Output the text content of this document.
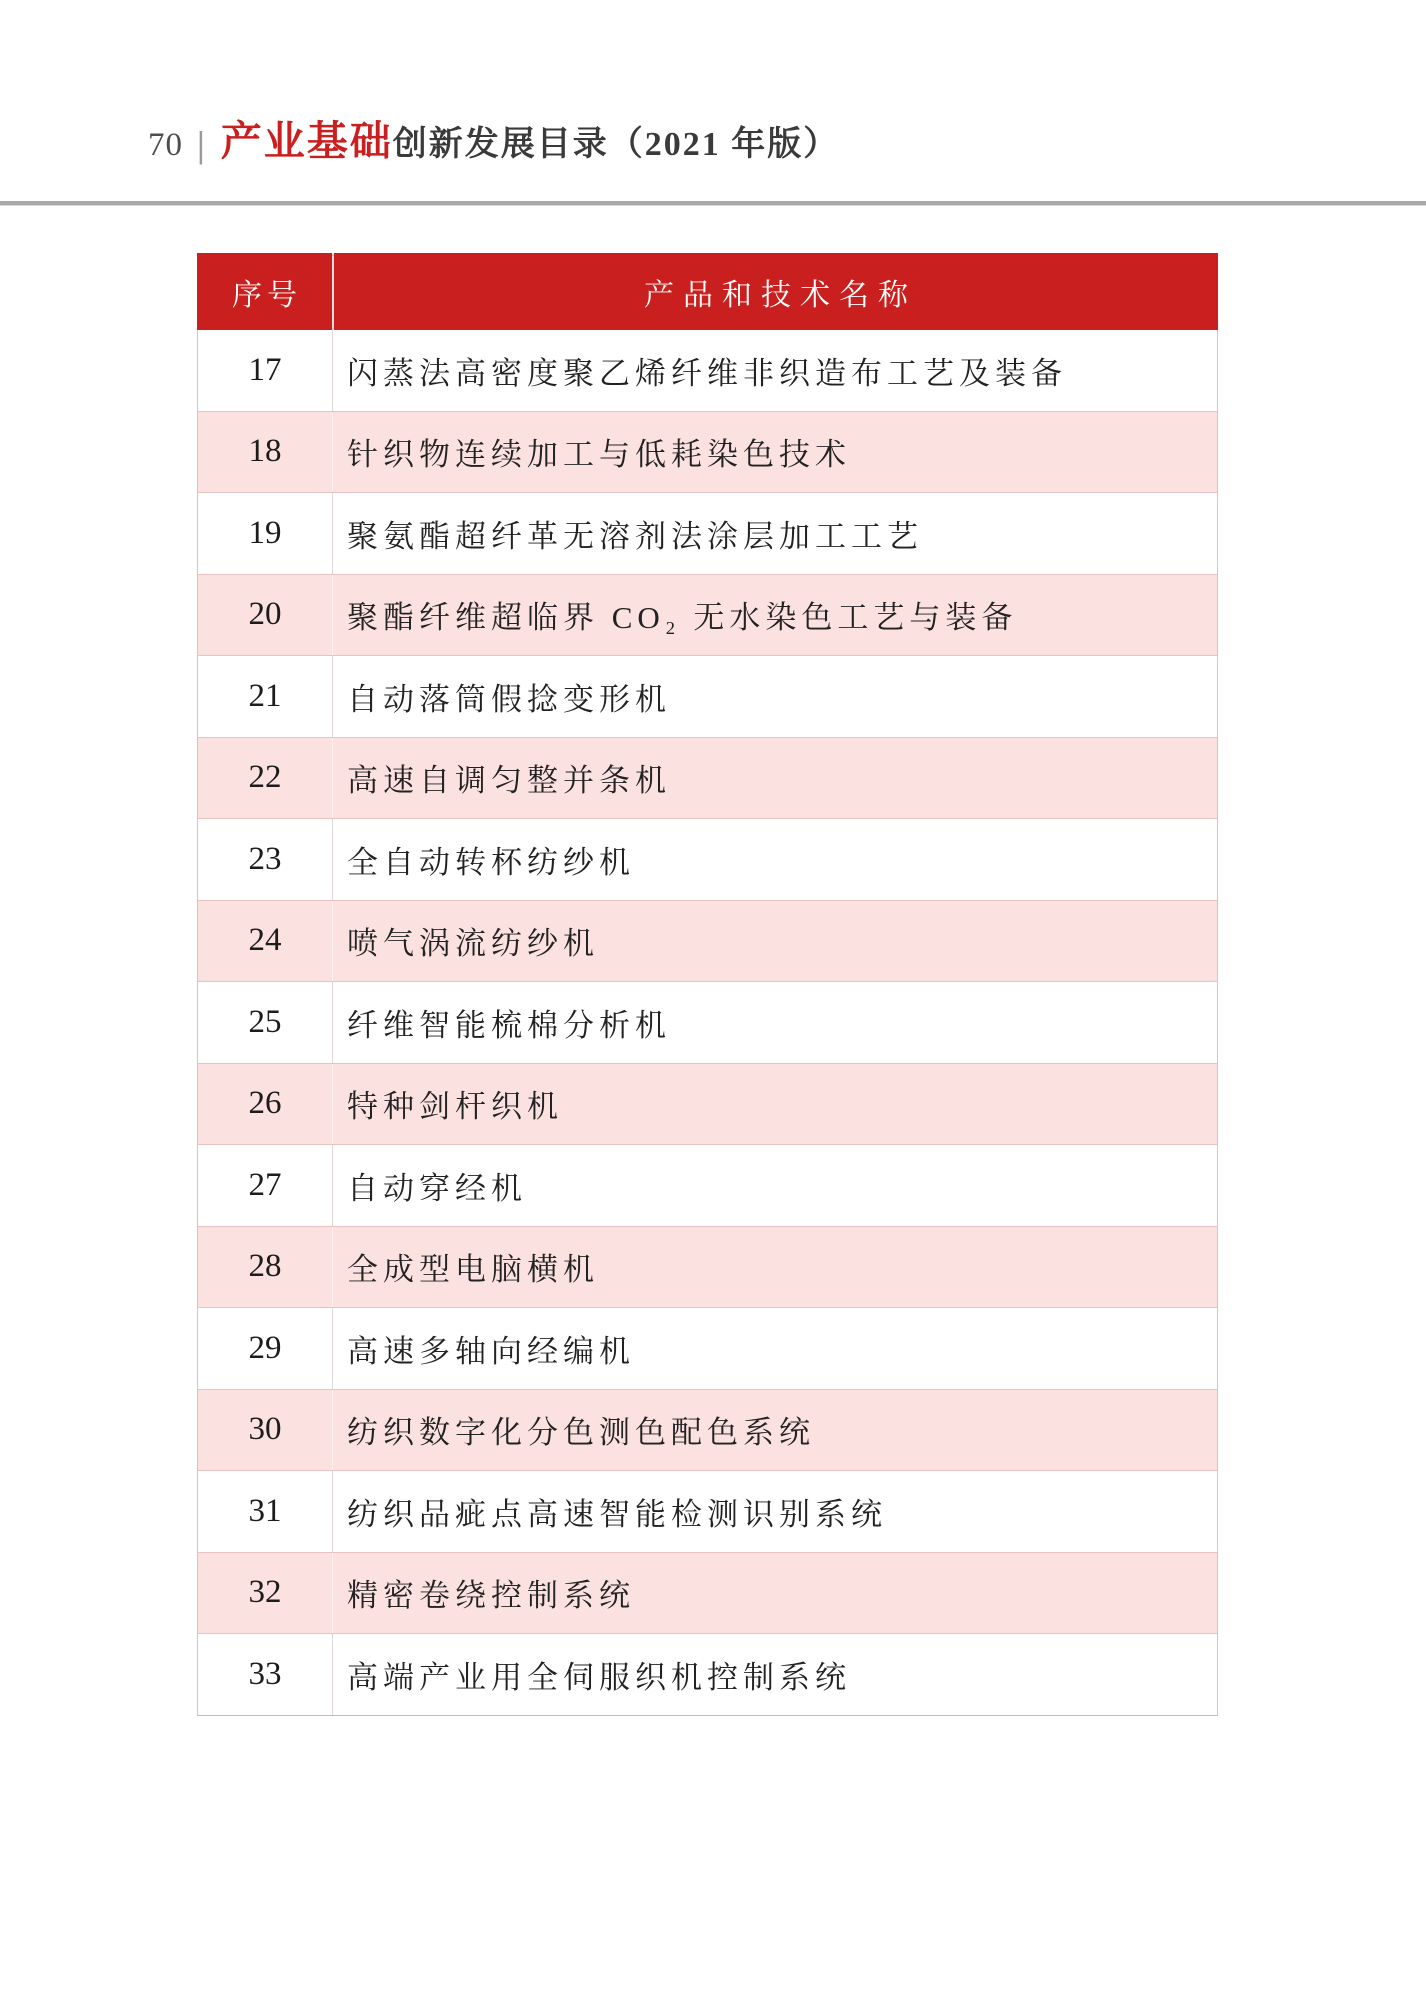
70 | 产业基础 创新发展目录（2021 年版）
序号	产品和技术名称
17	闪蒸法高密度聚乙烯纤维非织造布工艺及装备
18	针织物连续加工与低耗染色技术
19	聚氨酯超纤革无溶剂法涂层加工工艺
20	聚酯纤维超临界 CO₂ 无水染色工艺与装备
21	自动落筒假捻变形机
22	高速自调匀整并条机
23	全自动转杯纺纱机
24	喷气涡流纺纱机
25	纤维智能梳棉分析机
26	特种剑杆织机
27	自动穿经机
28	全成型电脑横机
29	高速多轴向经编机
30	纺织数字化分色测色配色系统
31	纺织品疵点高速智能检测识别系统
32	精密卷绕控制系统
33	高端产业用全伺服织机控制系统
